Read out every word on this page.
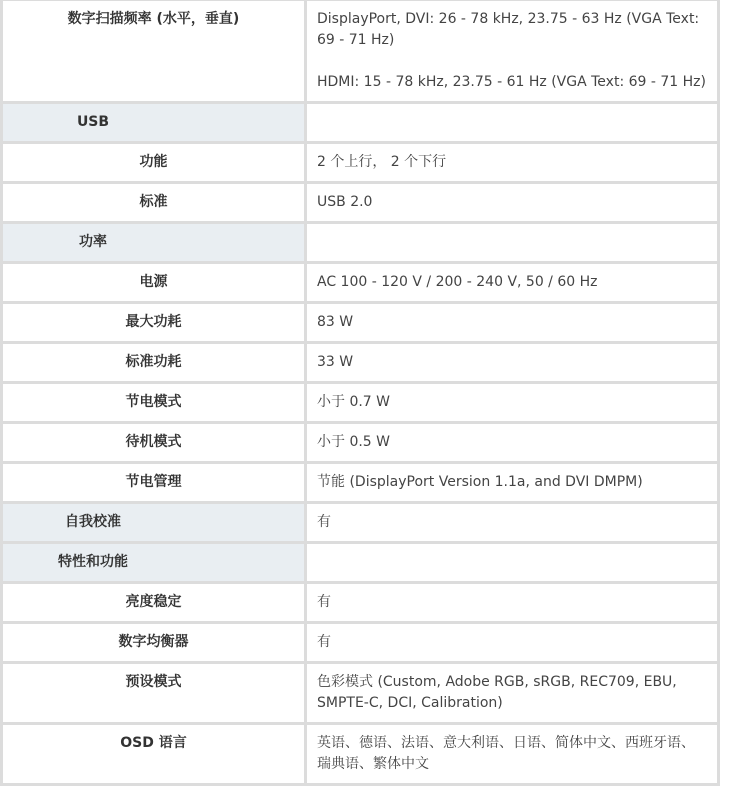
数字扫描频率 (水平，垂直)	DisplayPort, DVI: 26 - 78 kHz, 23.75 - 63 Hz (VGA Text: 69 - 71 Hz)
HDMI: 15 - 78 kHz, 23.75 - 61 Hz (VGA Text: 69 - 71 Hz)

USB	
功能	2 个上行， 2 个下行
标准	USB 2.0
功率	
电源	AC 100 - 120 V / 200 - 240 V, 50 / 60 Hz
最大功耗	83 W
标准功耗	33 W
节电模式	小于 0.7 W
待机模式	小于 0.5 W
节电管理	节能 (DisplayPort Version 1.1a, and DVI DMPM)
自我校准	有
特性和功能	
亮度稳定	有
数字均衡器	有
预设模式	色彩模式 (Custom, Adobe RGB, sRGB, REC709, EBU, SMPTE-C, DCI, Calibration)
OSD 语言	英语、德语、法语、意大利语、日语、简体中文、西班牙语、瑞典语、繁体中文
